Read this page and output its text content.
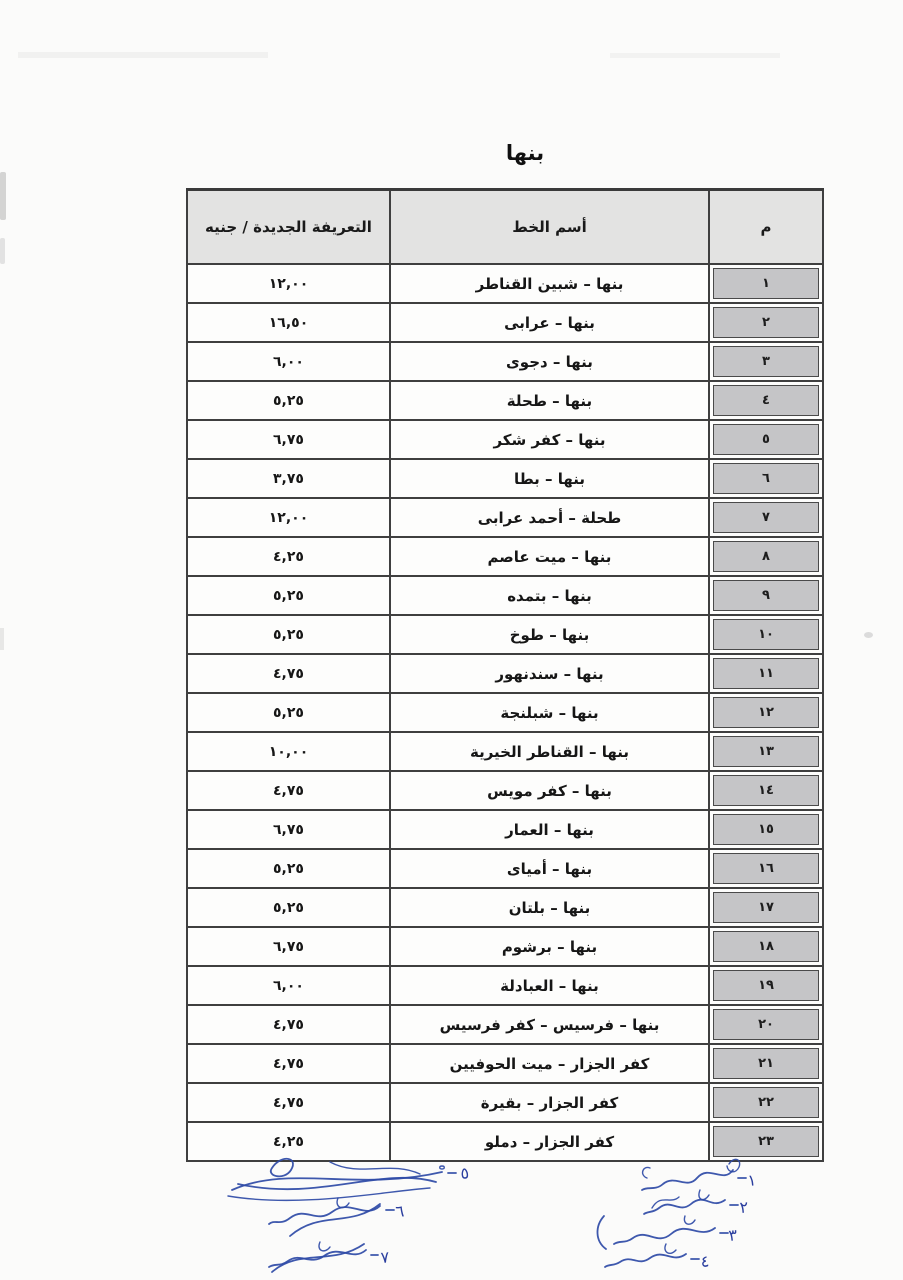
بنها
م	أسم الخط	التعريفة الجديدة / جنيه

١	بنها – شبين القناطر	١٢,٠٠

٢	بنها – عرابى	١٦,٥٠

٣	بنها – دجوى	٦,٠٠

٤	بنها – طحلة	٥,٢٥

٥	بنها – كفر شكر	٦,٧٥

٦	بنها – بطا	٣,٧٥

٧	طحلة – أحمد عرابى	١٢,٠٠

٨	بنها – ميت عاصم	٤,٢٥

٩	بنها – بتمده	٥,٢٥

١٠	بنها – طوخ	٥,٢٥

١١	بنها – سندنهور	٤,٧٥

١٢	بنها – شبلنجة	٥,٢٥

١٣	بنها – القناطر الخيرية	١٠,٠٠

١٤	بنها – كفر مويس	٤,٧٥

١٥	بنها – العمار	٦,٧٥

١٦	بنها – أمياى	٥,٢٥

١٧	بنها – بلتان	٥,٢٥

١٨	بنها – برشوم	٦,٧٥

١٩	بنها – العبادلة	٦,٠٠

٢٠	بنها – فرسيس – كفر فرسيس	٤,٧٥

٢١	كفر الجزار – ميت الحوفيين	٤,٧٥

٢٢	كفر الجزار – بقيرة	٤,٧٥

٢٣	كفر الجزار – دملو	٤,٢٥
١
٢
٣
٤
٥
٦
٧
